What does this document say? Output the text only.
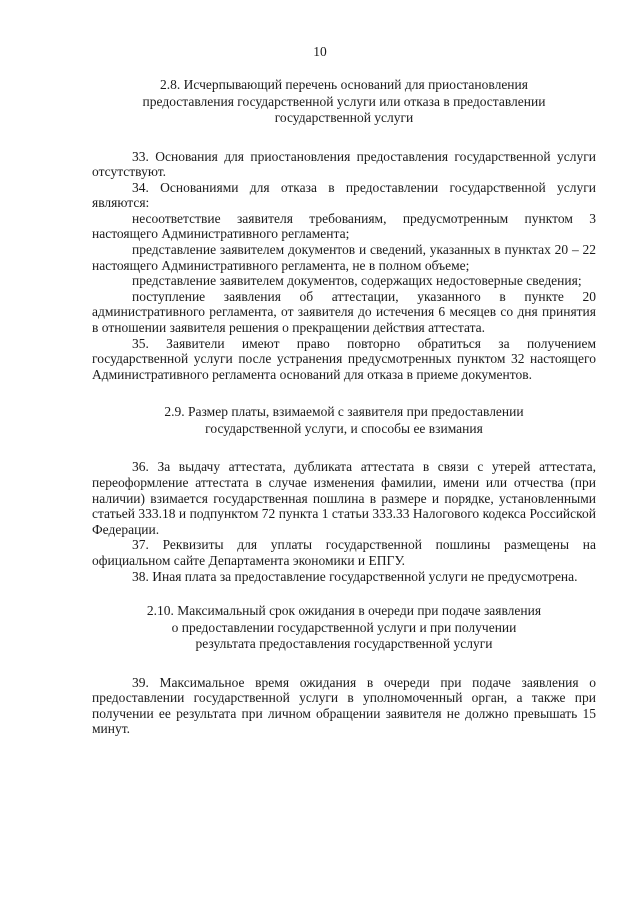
10
2.8. Исчерпывающий перечень оснований для приостановления
предоставления государственной услуги или отказа в предоставлении
государственной услуги

33. Основания для приостановления предоставления государственной услуги отсутствуют.

34. Основаниями для отказа в предоставлении государственной услуги являются:

несоответствие заявителя требованиям, предусмотренным пунктом 3 настоящего Административного регламента;

представление заявителем документов и сведений, указанных в пунктах 20 – 22 настоящего Административного регламента, не в полном объеме;

представление заявителем документов, содержащих недостоверные сведения;

поступление заявления об аттестации, указанного в пункте 20 административного регламента, от заявителя до истечения 6 месяцев со дня принятия в отношении заявителя решения о прекращении действия аттестата.

35. Заявители имеют право повторно обратиться за получением государственной услуги после устранения предусмотренных пунктом 32 настоящего Административного регламента оснований для отказа в приеме документов.

2.9. Размер платы, взимаемой с заявителя при предоставлении
государственной услуги, и способы ее взимания

36. За выдачу аттестата, дубликата аттестата в связи с утерей аттестата, переоформление аттестата в случае изменения фамилии, имени или отчества (при наличии) взимается государственная пошлина в размере и порядке, установленными статьей 333.18 и подпунктом 72 пункта 1 статьи 333.33 Налогового кодекса Российской Федерации.

37. Реквизиты для уплаты государственной пошлины размещены на официальном сайте Департамента экономики и ЕПГУ.

38. Иная плата за предоставление государственной услуги не предусмотрена.

2.10. Максимальный срок ожидания в очереди при подаче заявления
о предоставлении государственной услуги и при получении
результата предоставления государственной услуги

39. Максимальное время ожидания в очереди при подаче заявления о предоставлении государственной услуги в уполномоченный орган, а также при получении ее результата при личном обращении заявителя не должно превышать 15 минут.
